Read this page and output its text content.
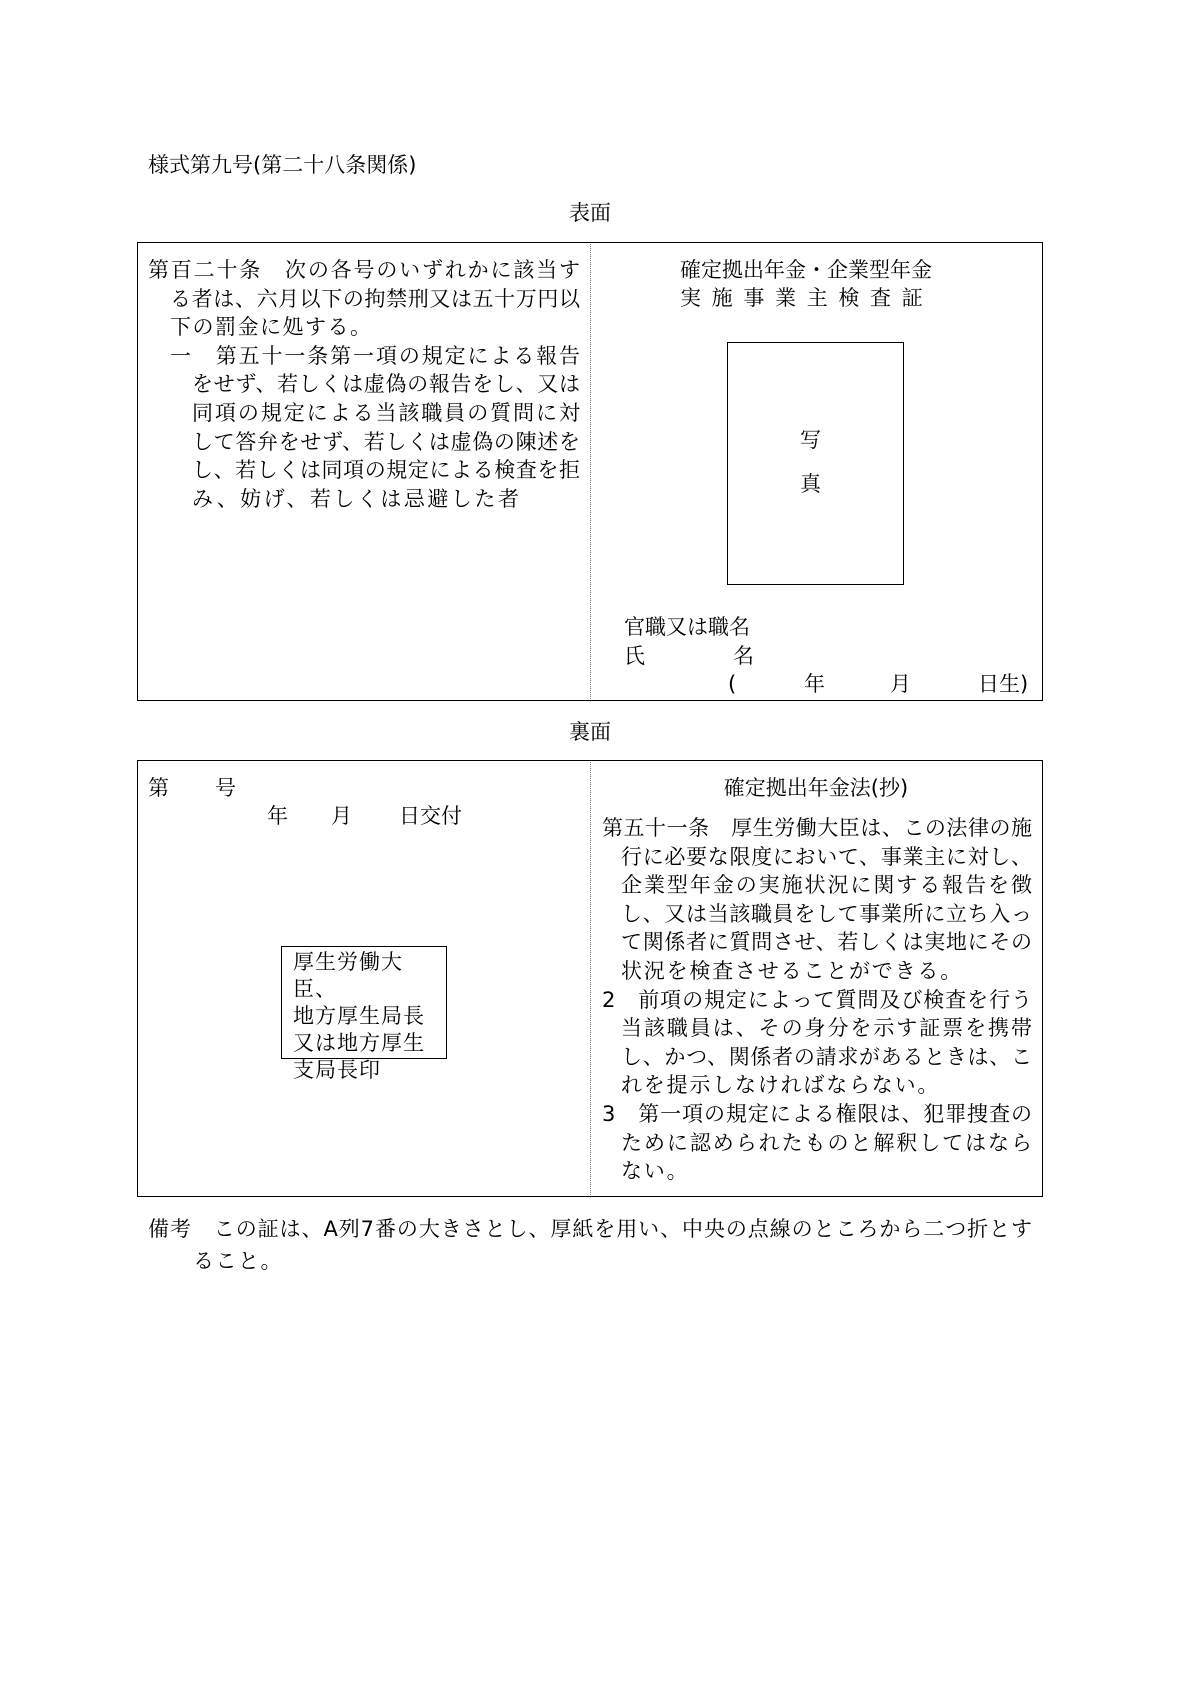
様式第九号(第二十八条関係)
表面
第百二十条　次の各号のいずれかに該当す
る者は、六月以下の拘禁刑又は五十万円以
下の罰金に処する。
一　第五十一条第一項の規定による報告
をせず、若しくは虚偽の報告をし、又は
同項の規定による当該職員の質問に対
して答弁をせず、若しくは虚偽の陳述を
し、若しくは同項の規定による検査を拒
み、妨げ、若しくは忌避した者
確定拠出年金・企業型年金
実 施 事 業 主 検 査 証
写
真
官職又は職名
氏	名
(	年	月	日生)
裏面
第 号
年 月 日交付
厚生労働大臣、
地方厚生局長
又は地方厚生
支局長印
確定拠出年金法(抄)
第五十一条　厚生労働大臣は、この法律の施
行に必要な限度において、事業主に対し、
企業型年金の実施状況に関する報告を徴
し、又は当該職員をして事業所に立ち入っ
て関係者に質問させ、若しくは実地にその
状況を検査させることができる。
2　前項の規定によって質問及び検査を行う
当該職員は、その身分を示す証票を携帯
し、かつ、関係者の請求があるときは、こ
れを提示しなければならない。
3　第一項の規定による権限は、犯罪捜査の
ために認められたものと解釈してはなら
ない。
備考　この証は、A列7番の大きさとし、厚紙を用い、中央の点線のところから二つ折とす
ること。
